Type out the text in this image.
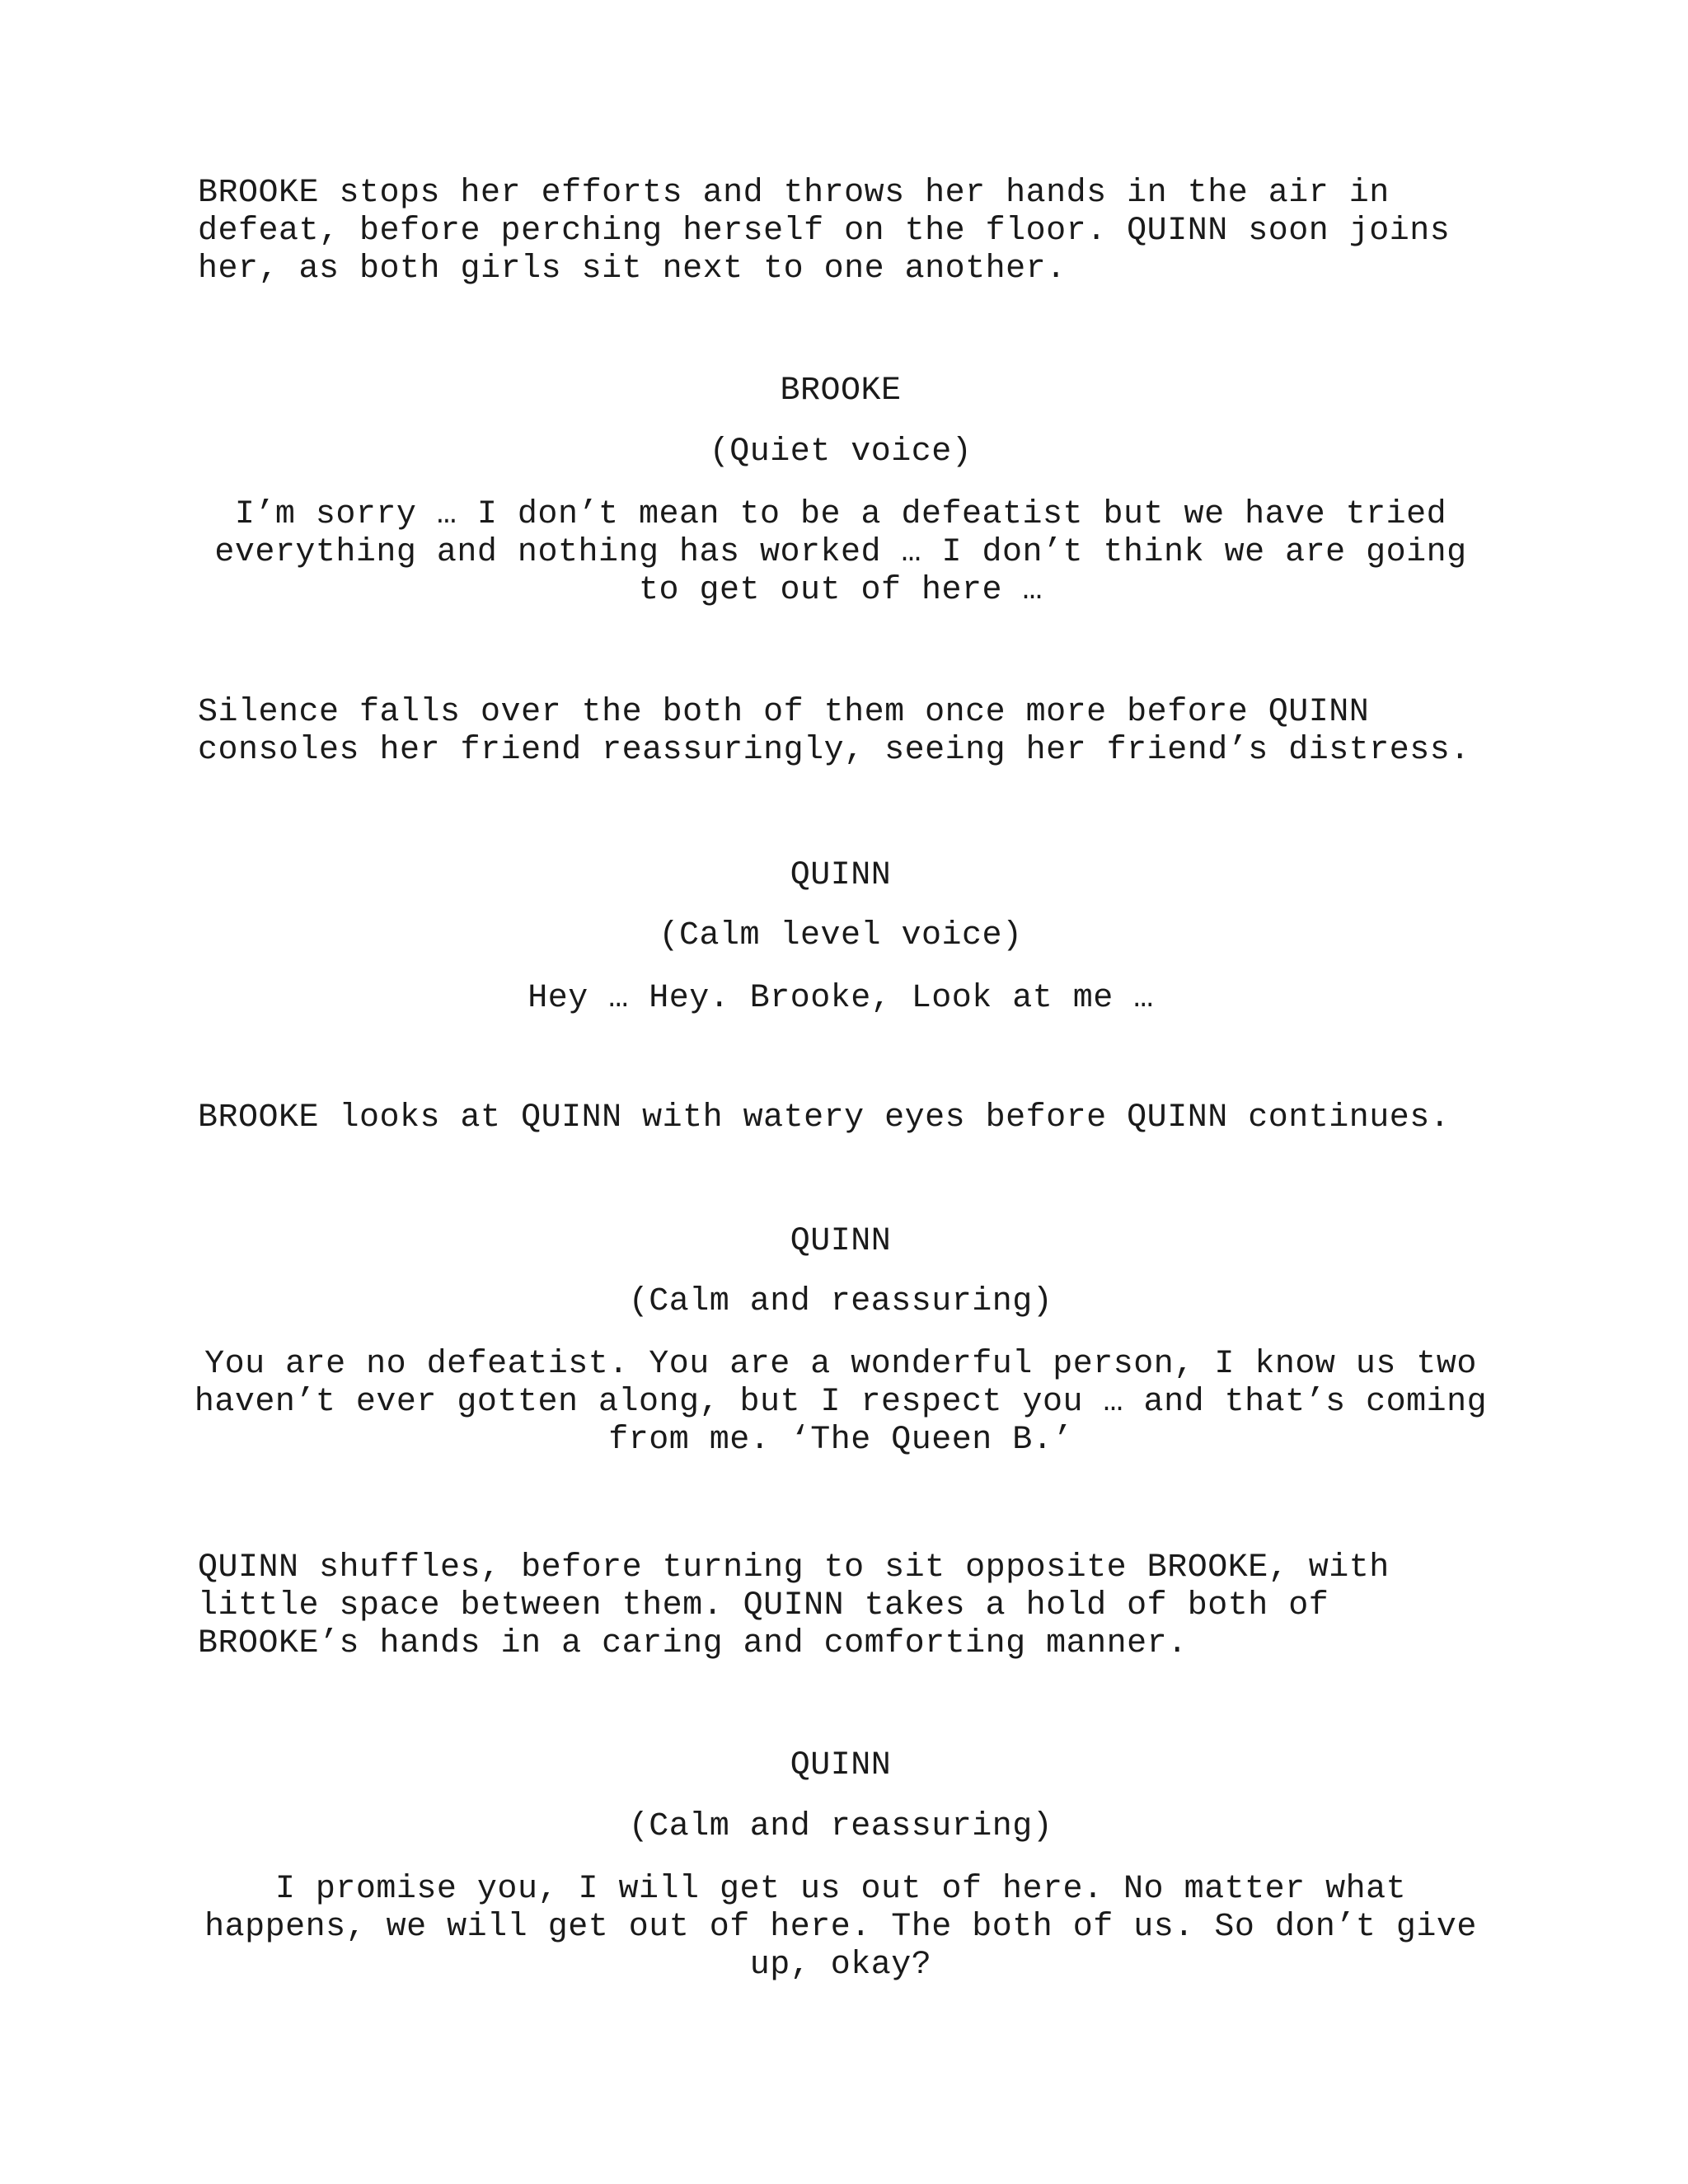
BROOKE stops her efforts and throws her hands in the air in
defeat, before perching herself on the floor. QUINN soon joins
her, as both girls sit next to one another.
BROOKE
(Quiet voice)
I’m sorry … I don’t mean to be a defeatist but we have tried
everything and nothing has worked … I don’t think we are going
to get out of here …
Silence falls over the both of them once more before QUINN
consoles her friend reassuringly, seeing her friend’s distress.
QUINN
(Calm level voice)
Hey … Hey. Brooke, Look at me …
BROOKE looks at QUINN with watery eyes before QUINN continues.
QUINN
(Calm and reassuring)
You are no defeatist. You are a wonderful person, I know us two
haven’t ever gotten along, but I respect you … and that’s coming
from me. ‘The Queen B.’
QUINN shuffles, before turning to sit opposite BROOKE, with
little space between them. QUINN takes a hold of both of
BROOKE’s hands in a caring and comforting manner.
QUINN
(Calm and reassuring)
I promise you, I will get us out of here. No matter what
happens, we will get out of here. The both of us. So don’t give
up, okay?
